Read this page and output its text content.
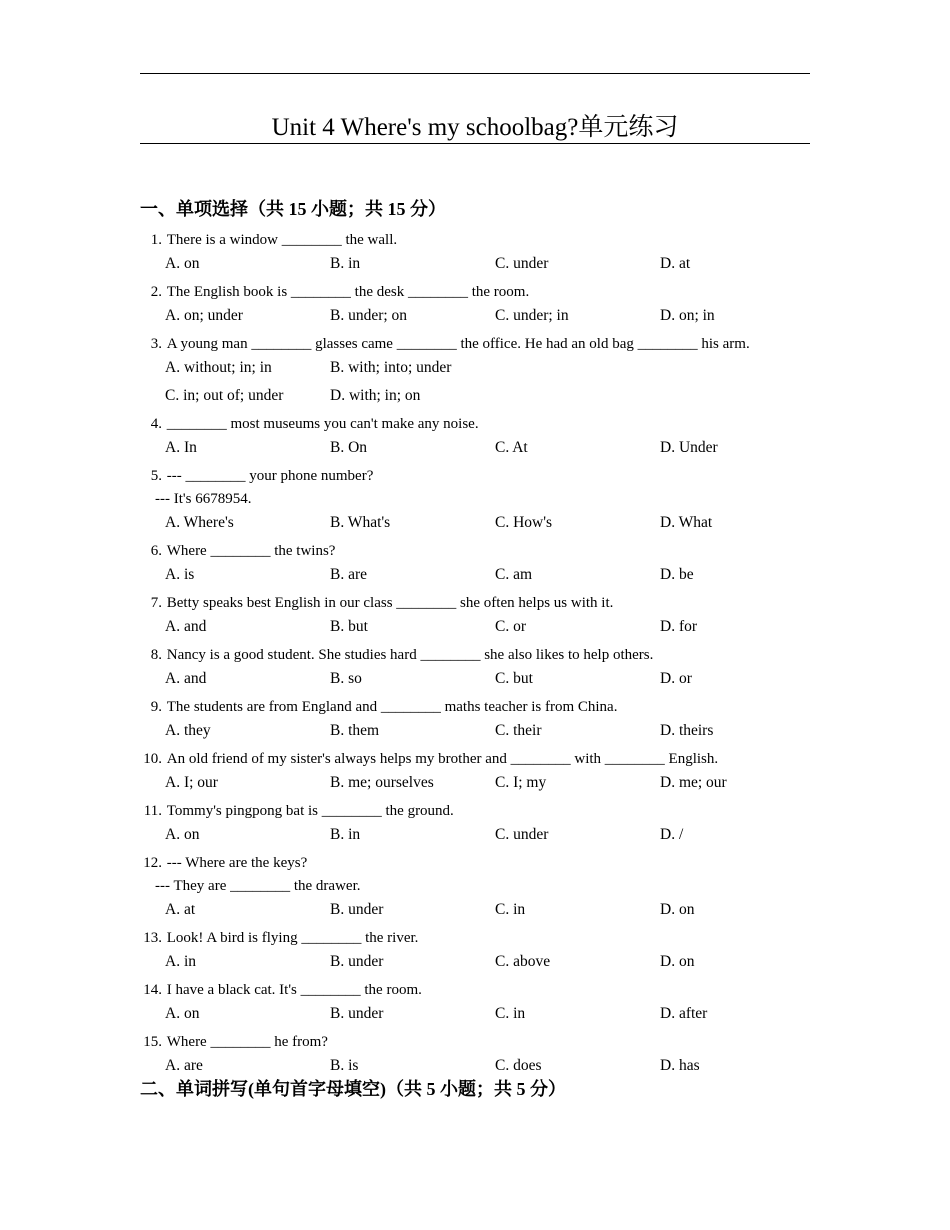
Unit 4 Where's my schoolbag?单元练习
一、单项选择（共 15 小题；共 15 分）
1. There is a window ________ the wall.
A. on	B. in	C. under	D. at
2. The English book is ________ the desk ________ the room.
A. on; under	B. under; on	C. under; in	D. on; in
3. A young man ________ glasses came ________ the office. He had an old bag ________ his arm.
A. without; in; in	B. with; into; under
C. in; out of; under	D. with; in; on
4. ________ most museums you can't make any noise.
A. In	B. On	C. At	D. Under
5. --- ________ your phone number?
--- It's 6678954.
A. Where's	B. What's	C. How's	D. What
6. Where ________ the twins?
A. is	B. are	C. am	D. be
7. Betty speaks best English in our class ________ she often helps us with it.
A. and	B. but	C. or	D. for
8. Nancy is a good student. She studies hard ________ she also likes to help others.
A. and	B. so	C. but	D. or
9. The students are from England and ________ maths teacher is from China.
A. they	B. them	C. their	D. theirs
10. An old friend of my sister's always helps my brother and ________ with ________ English.
A. I; our	B. me; ourselves	C. I; my	D. me; our
11. Tommy's pingpong bat is ________ the ground.
A. on	B. in	C. under	D. /
12. --- Where are the keys?
--- They are ________ the drawer.
A. at	B. under	C. in	D. on
13. Look! A bird is flying ________ the river.
A. in	B. under	C. above	D. on
14. I have a black cat. It's ________ the room.
A. on	B. under	C. in	D. after
15. Where ________ he from?
A. are	B. is	C. does	D. has
二、单词拼写(单句首字母填空)（共 5 小题；共 5 分）
